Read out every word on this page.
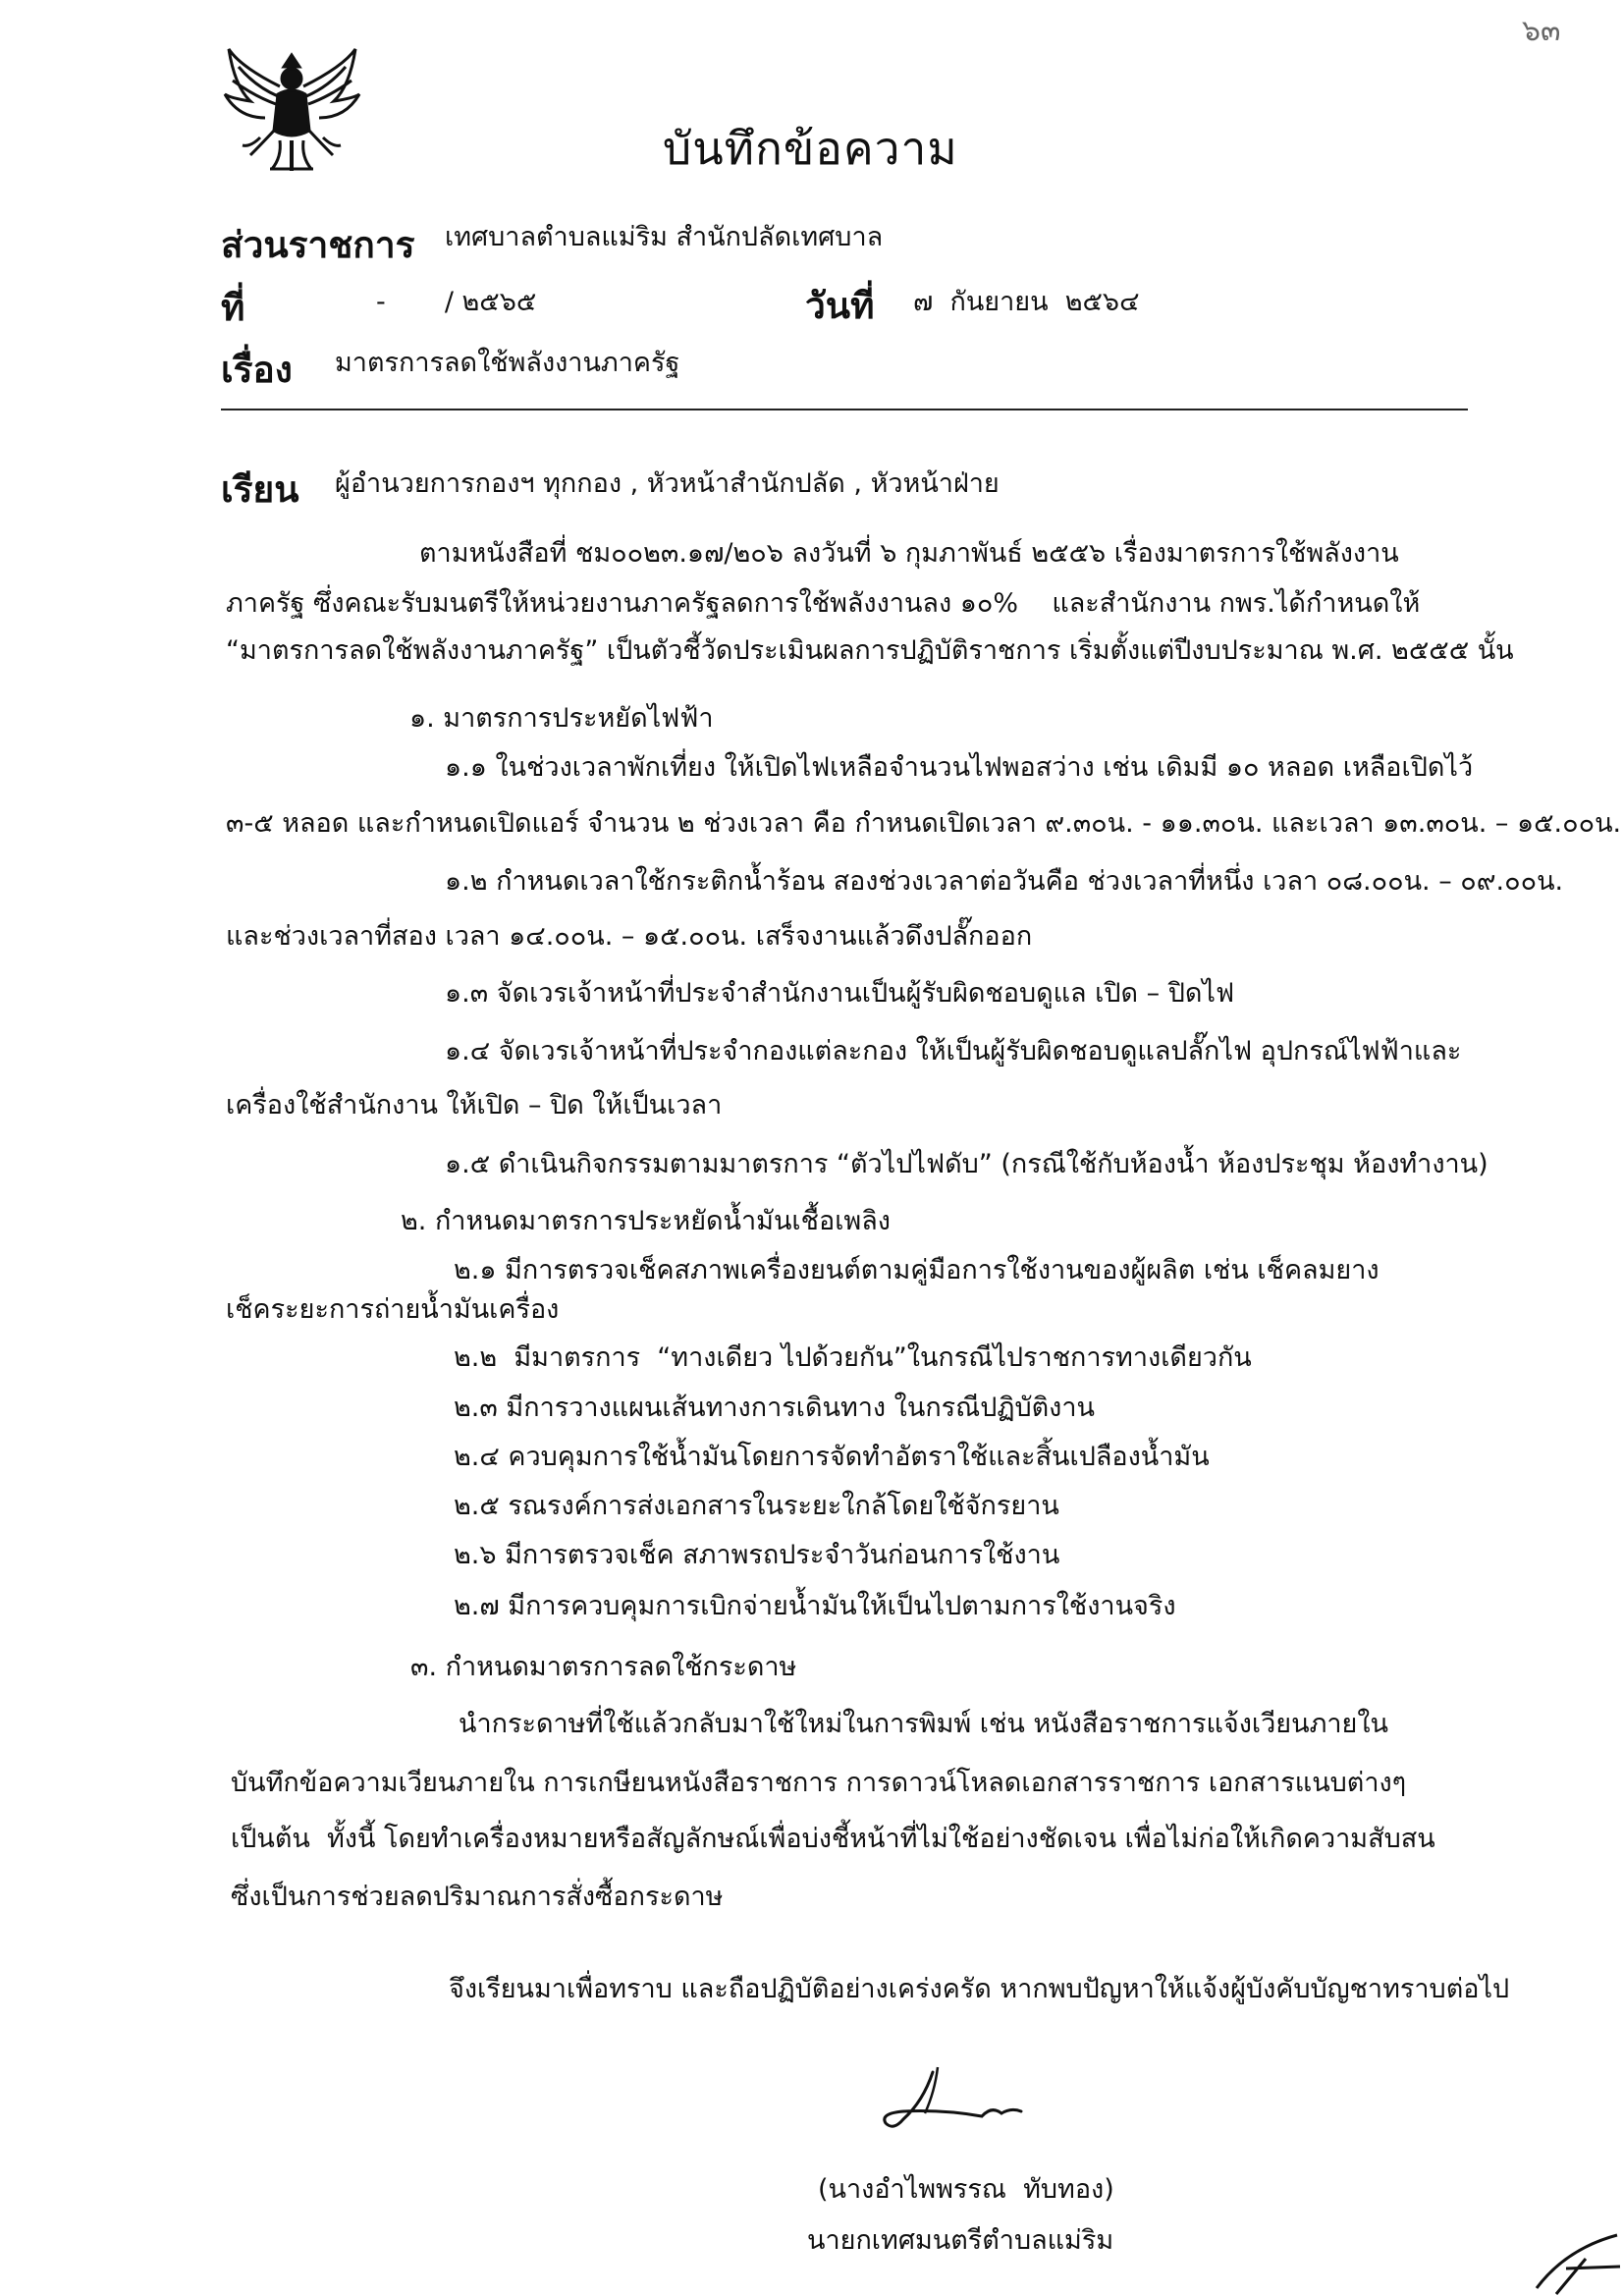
๖๓
บันทึกข้อความ
ส่วนราชการ เทศบาลตำบลแม่ริม สำนักปลัดเทศบาล
ที่	-       / ๒๕๖๕	วันที่ ๗  กันยายน  ๒๕๖๔
เรื่อง มาตรการลดใช้พลังงานภาครัฐ
เรียน ผู้อำนวยการกองฯ ทุกกอง , หัวหน้าสำนักปลัด , หัวหน้าฝ่าย
ตามหนังสือที่ ชม๐๐๒๓.๑๗/๒๐๖ ลงวันที่ ๖ กุมภาพันธ์ ๒๕๕๖ เรื่องมาตรการใช้พลังงาน
ภาครัฐ ซึ่งคณะรับมนตรีให้หน่วยงานภาครัฐลดการใช้พลังงานลง ๑๐%    และสำนักงาน กพร.ได้กำหนดให้
“มาตรการลดใช้พลังงานภาครัฐ” เป็นตัวชี้วัดประเมินผลการปฏิบัติราชการ เริ่มตั้งแต่ปีงบประมาณ พ.ศ. ๒๕๕๕ นั้น
๑. มาตรการประหยัดไฟฟ้า
๑.๑ ในช่วงเวลาพักเที่ยง ให้เปิดไฟเหลือจำนวนไฟพอสว่าง เช่น เดิมมี ๑๐ หลอด เหลือเปิดไว้
๓-๕ หลอด และกำหนดเปิดแอร์ จำนวน ๒ ช่วงเวลา คือ กำหนดเปิดเวลา ๙.๓๐น. - ๑๑.๓๐น. และเวลา ๑๓.๓๐น. – ๑๕.๐๐น.
๑.๒ กำหนดเวลาใช้กระติกน้ำร้อน สองช่วงเวลาต่อวันคือ ช่วงเวลาที่หนึ่ง เวลา ๐๘.๐๐น. – ๐๙.๐๐น.
และช่วงเวลาที่สอง เวลา ๑๔.๐๐น. – ๑๕.๐๐น. เสร็จงานแล้วดึงปลั๊กออก
๑.๓ จัดเวรเจ้าหน้าที่ประจำสำนักงานเป็นผู้รับผิดชอบดูแล เปิด – ปิดไฟ
๑.๔ จัดเวรเจ้าหน้าที่ประจำกองแต่ละกอง ให้เป็นผู้รับผิดชอบดูแลปลั๊กไฟ อุปกรณ์ไฟฟ้าและ
เครื่องใช้สำนักงาน ให้เปิด – ปิด ให้เป็นเวลา
๑.๕ ดำเนินกิจกรรมตามมาตรการ “ตัวไปไฟดับ” (กรณีใช้กับห้องน้ำ ห้องประชุม ห้องทำงาน)
๒. กำหนดมาตรการประหยัดน้ำมันเชื้อเพลิง
๒.๑ มีการตรวจเช็คสภาพเครื่องยนต์ตามคู่มือการใช้งานของผู้ผลิต เช่น เช็คลมยาง
เช็คระยะการถ่ายน้ำมันเครื่อง
๒.๒  มีมาตรการ  “ทางเดียว ไปด้วยกัน”ในกรณีไปราชการทางเดียวกัน
๒.๓ มีการวางแผนเส้นทางการเดินทาง ในกรณีปฏิบัติงาน
๒.๔ ควบคุมการใช้น้ำมันโดยการจัดทำอัตราใช้และสิ้นเปลืองน้ำมัน
๒.๕ รณรงค์การส่งเอกสารในระยะใกล้โดยใช้จักรยาน
๒.๖ มีการตรวจเช็ค สภาพรถประจำวันก่อนการใช้งาน
๒.๗ มีการควบคุมการเบิกจ่ายน้ำมันให้เป็นไปตามการใช้งานจริง
๓. กำหนดมาตรการลดใช้กระดาษ
นำกระดาษที่ใช้แล้วกลับมาใช้ใหม่ในการพิมพ์ เช่น หนังสือราชการแจ้งเวียนภายใน
บันทึกข้อความเวียนภายใน การเกษียนหนังสือราชการ การดาวน์โหลดเอกสารราชการ เอกสารแนบต่างๆ
เป็นต้น  ทั้งนี้ โดยทำเครื่องหมายหรือสัญลักษณ์เพื่อบ่งชี้หน้าที่ไม่ใช้อย่างชัดเจน เพื่อไม่ก่อให้เกิดความสับสน
ซึ่งเป็นการช่วยลดปริมาณการสั่งซื้อกระดาษ
จึงเรียนมาเพื่อทราบ และถือปฏิบัติอย่างเคร่งครัด หากพบปัญหาให้แจ้งผู้บังคับบัญชาทราบต่อไป
(นางอำไพพรรณ  ทับทอง)
นายกเทศมนตรีตำบลแม่ริม
